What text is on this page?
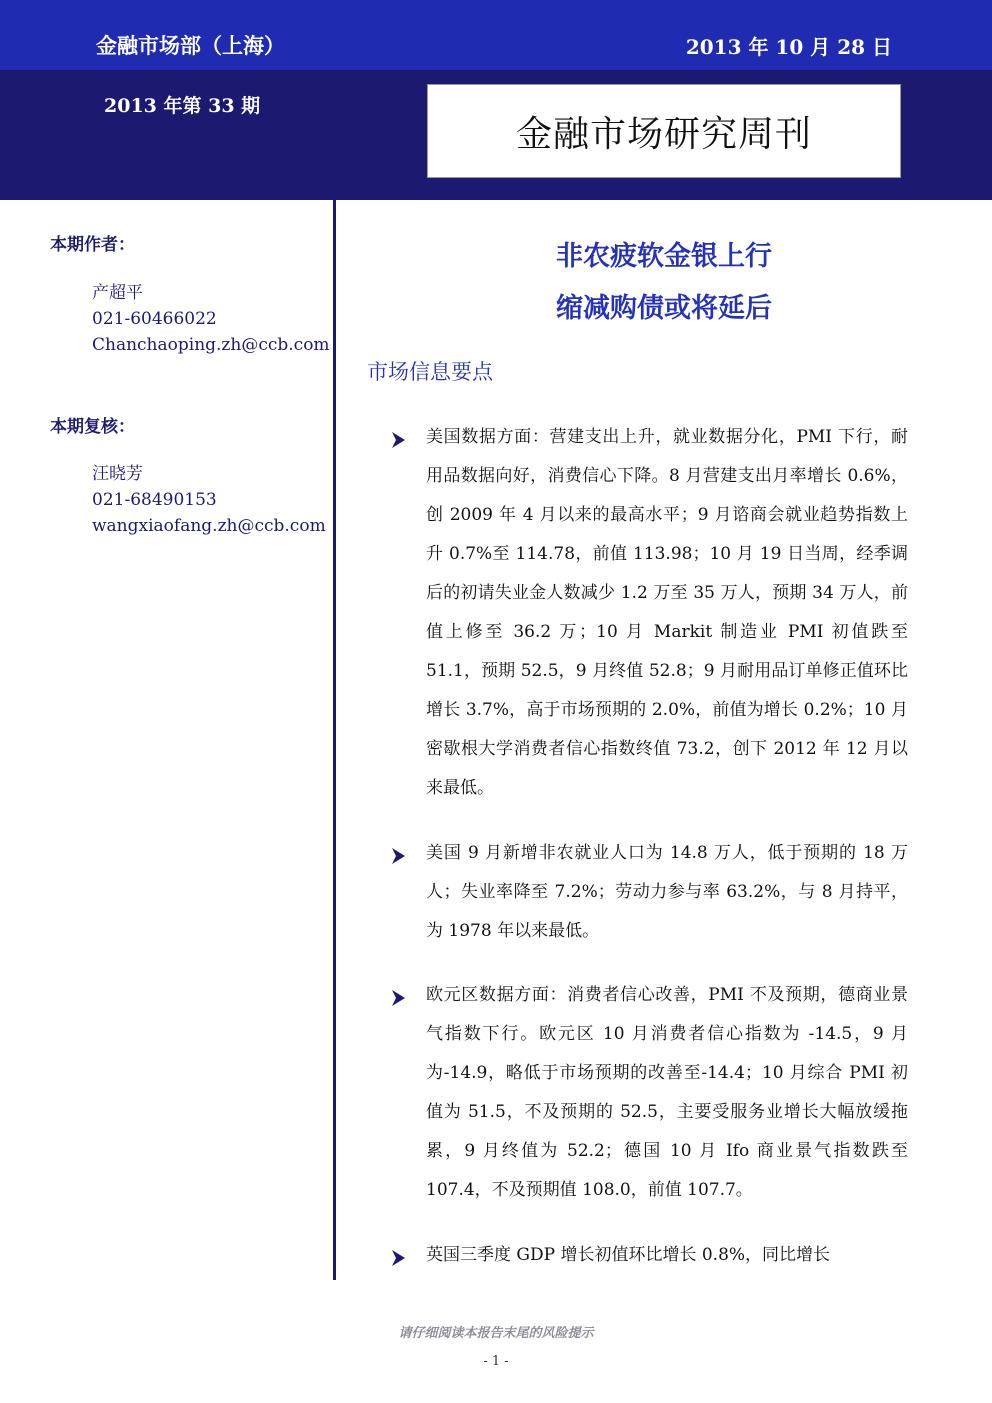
金融市场部（上海）	2013 年 10 月 28 日
2013 年第 33 期
金融市场研究周刊
本期作者：
产超平
021-60466022
Chanchaoping.zh@ccb.com
本期复核：
汪晓芳
021-68490153
wangxiaofang.zh@ccb.com
非农疲软金银上行
缩减购债或将延后
市场信息要点
美国数据方面：营建支出上升，就业数据分化，PMI 下行，耐用品数据向好，消费信心下降。8 月营建支出月率增长 0.6%，创 2009 年 4 月以来的最高水平；9 月谘商会就业趋势指数上升 0.7%至 114.78，前值 113.98；10 月 19 日当周，经季调后的初请失业金人数减少 1.2 万至 35 万人，预期 34 万人，前值上修至 36.2 万；10 月 Markit 制造业 PMI 初值跌至 51.1，预期 52.5，9 月终值 52.8；9 月耐用品订单修正值环比增长 3.7%，高于市场预期的 2.0%，前值为增长 0.2%；10 月密歇根大学消费者信心指数终值 73.2，创下 2012 年 12 月以来最低。
美国 9 月新增非农就业人口为 14.8 万人，低于预期的 18 万人；失业率降至 7.2%；劳动力参与率 63.2%，与 8 月持平，为 1978 年以来最低。
欧元区数据方面：消费者信心改善，PMI 不及预期，德商业景气指数下行。欧元区 10 月消费者信心指数为 -14.5，9 月为-14.9，略低于市场预期的改善至-14.4；10 月综合 PMI 初值为 51.5，不及预期的 52.5，主要受服务业增长大幅放缓拖累，9 月终值为 52.2；德国 10 月 Ifo 商业景气指数跌至 107.4，不及预期值 108.0，前值 107.7。
英国三季度 GDP 增长初值环比增长 0.8%，同比增长
请仔细阅读本报告末尾的风险提示
- 1 -
